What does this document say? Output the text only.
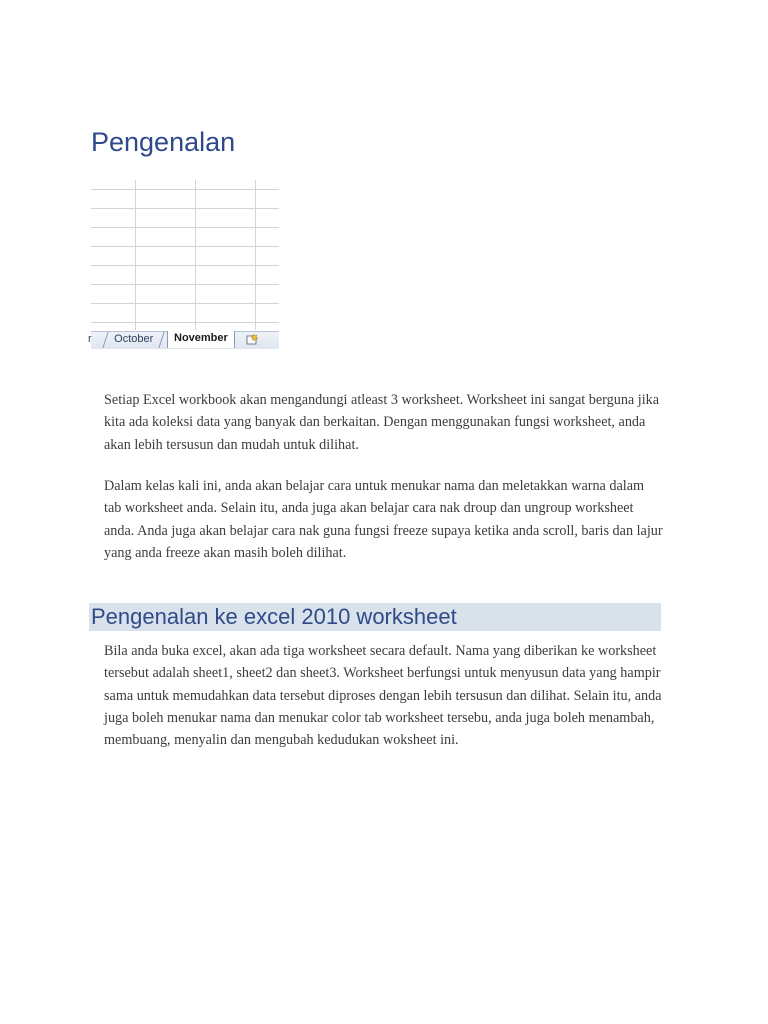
Pengenalan
r	October	November

Setiap Excel workbook akan mengandungi atleast 3 worksheet. Worksheet ini sangat berguna jika kita ada koleksi data yang banyak dan berkaitan. Dengan menggunakan fungsi worksheet, anda akan lebih tersusun dan mudah untuk dilihat.

Dalam kelas kali ini, anda akan belajar cara untuk menukar nama dan meletakkan warna dalam tab worksheet anda. Selain itu, anda juga akan belajar cara nak droup dan ungroup worksheet anda. Anda juga akan belajar cara nak guna fungsi freeze supaya ketika anda scroll, baris dan lajur yang anda freeze akan masih boleh dilihat.

Pengenalan ke excel 2010 worksheet

Bila anda buka excel, akan ada tiga worksheet secara default. Nama yang diberikan ke worksheet tersebut adalah sheet1, sheet2 dan sheet3. Worksheet berfungsi untuk menyusun data yang hampir sama untuk memudahkan data tersebut diproses dengan lebih tersusun dan dilihat. Selain itu, anda juga boleh menukar nama dan menukar color tab worksheet tersebu, anda juga boleh menambah, membuang, menyalin dan mengubah kedudukan woksheet ini.
